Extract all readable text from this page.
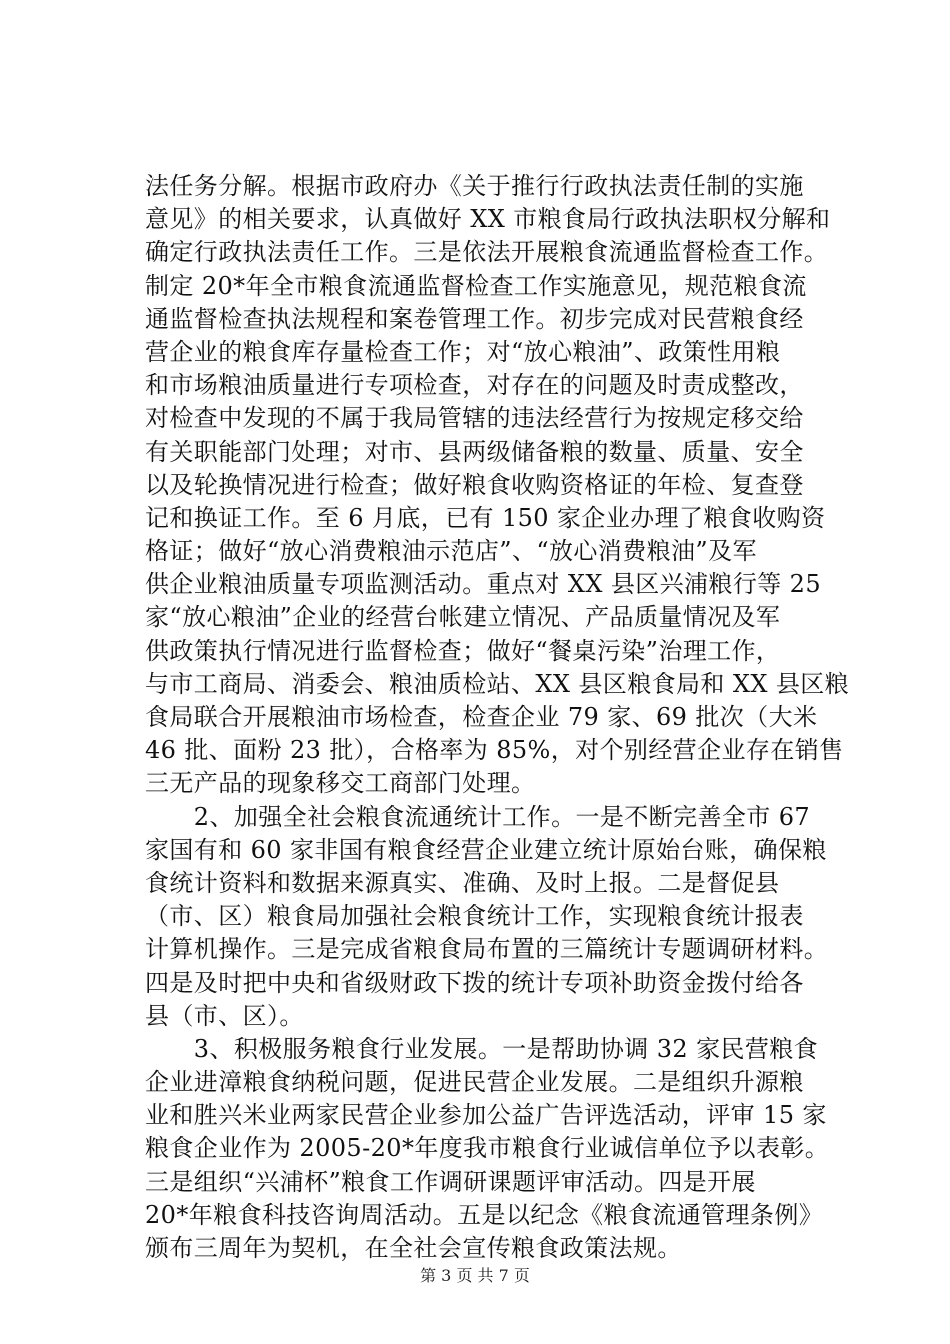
法任务分解。根据市政府办《关于推行行政执法责任制的实施
意见》的相关要求，认真做好 XX 市粮食局行政执法职权分解和
确定行政执法责任工作。三是依法开展粮食流通监督检查工作。
制定 20*年全市粮食流通监督检查工作实施意见，规范粮食流
通监督检查执法规程和案卷管理工作。初步完成对民营粮食经
营企业的粮食库存量检查工作；对“放心粮油”、政策性用粮
和市场粮油质量进行专项检查，对存在的问题及时责成整改，
对检查中发现的不属于我局管辖的违法经营行为按规定移交给
有关职能部门处理；对市、县两级储备粮的数量、质量、安全
以及轮换情况进行检查；做好粮食收购资格证的年检、复查登
记和换证工作。至 6 月底，已有 150 家企业办理了粮食收购资
格证；做好“放心消费粮油示范店”、“放心消费粮油”及军
供企业粮油质量专项监测活动。重点对 XX 县区兴浦粮行等 25
家“放心粮油”企业的经营台帐建立情况、产品质量情况及军
供政策执行情况进行监督检查；做好“餐桌污染”治理工作，
与市工商局、消委会、粮油质检站、XX 县区粮食局和 XX 县区粮
食局联合开展粮油市场检查，检查企业 79 家、69 批次（大米
46 批、面粉 23 批），合格率为 85%，对个别经营企业存在销售
三无产品的现象移交工商部门处理。
　　2、加强全社会粮食流通统计工作。一是不断完善全市 67
家国有和 60 家非国有粮食经营企业建立统计原始台账，确保粮
食统计资料和数据来源真实、准确、及时上报。二是督促县
（市、区）粮食局加强社会粮食统计工作，实现粮食统计报表
计算机操作。三是完成省粮食局布置的三篇统计专题调研材料。
四是及时把中央和省级财政下拨的统计专项补助资金拨付给各
县（市、区）。
　　3、积极服务粮食行业发展。一是帮助协调 32 家民营粮食
企业进漳粮食纳税问题，促进民营企业发展。二是组织升源粮
业和胜兴米业两家民营企业参加公益广告评选活动，评审 15 家
粮食企业作为 2005-20*年度我市粮食行业诚信单位予以表彰。
三是组织“兴浦杯”粮食工作调研课题评审活动。四是开展
20*年粮食科技咨询周活动。五是以纪念《粮食流通管理条例》
颁布三周年为契机，在全社会宣传粮食政策法规。
第 3 页 共 7 页
